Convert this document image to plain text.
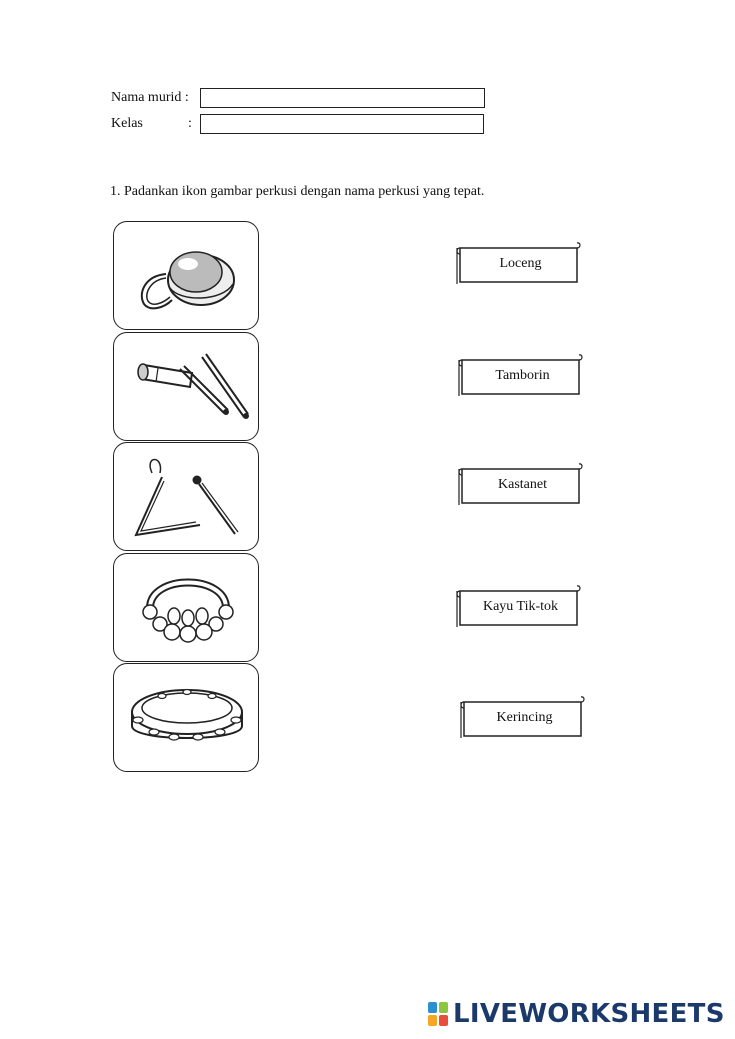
Nama murid :
Kelas	:
1. Padankan ikon gambar perkusi dengan nama perkusi yang tepat.
Loceng
Tamborin
Kastanet
Kayu Tik-tok
Kerincing
LIVEWORKSHEETS
